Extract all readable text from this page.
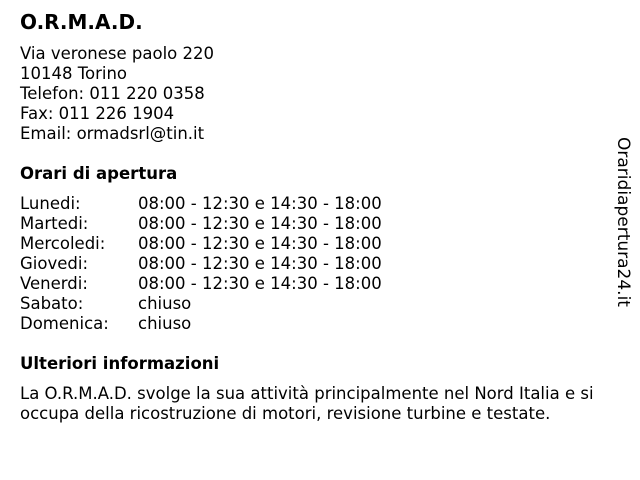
O.R.M.A.D.
Via veronese paolo 220
10148 Torino
Telefon: 011 220 0358
Fax: 011 226 1904
Email: ormadsrl@tin.it
Orari di apertura
Lunedi:	08:00 - 12:30 e 14:30 - 18:00
Martedi:	08:00 - 12:30 e 14:30 - 18:00
Mercoledi: 08:00 - 12:30 e 14:30 - 18:00
Giovedi:	08:00 - 12:30 e 14:30 - 18:00
Venerdi:	08:00 - 12:30 e 14:30 - 18:00
Sabato:	chiuso
Domenica: chiuso
Ulteriori informazioni

La O.R.M.A.D. svolge la sua attività principalmente nel Nord Italia e si occupa della ricostruzione di motori, revisione turbine e testate.

Oraridiapertura24.it
